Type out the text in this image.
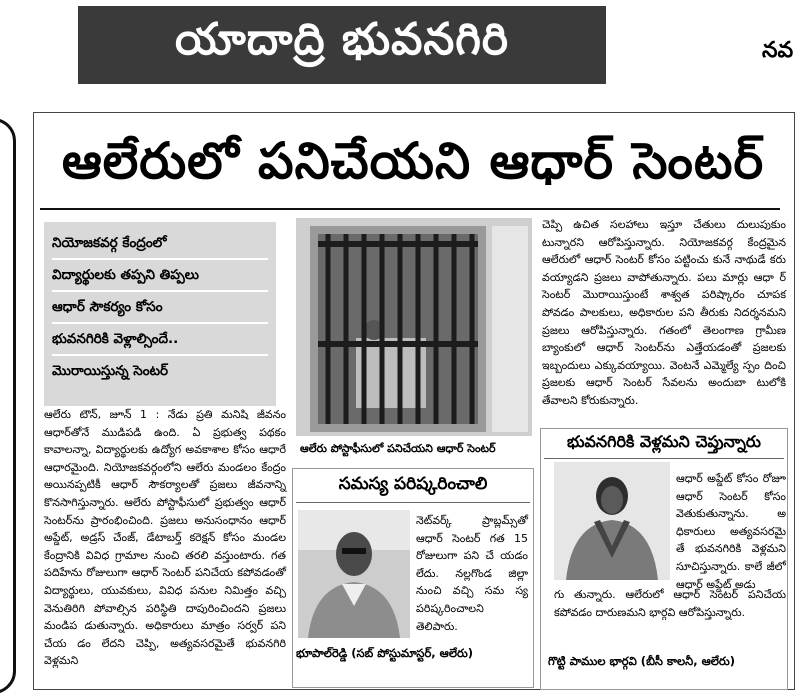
యాదాద్రి భువనగిరి	నవ
ఆలేరులో పనిచేయని ఆధార్‌ సెంటర్‌
నియోజకవర్గ కేంద్రంలో
విద్యార్థులకు తప్పని తిప్పలు
ఆధార్‌ సౌకర్యం కోసం
భువనగిరికి వెళ్లాల్సిందే..
మొరాయిస్తున్న సెంటర్‌
ఆలేరు టౌన్‌, జూన్‌ 1 : నేడు ప్రతి మనిషి జీవనం ఆధార్‌తోనే ముడిపడి ఉంది. ఏ ప్రభుత్వ పథకం కావాలన్నా, విద్యార్థులకు ఉద్యోగ అవకాశాల కోసం ఆధారే ఆధారమైంది. నియోజకవర్గంలోని ఆలేరు మండలం కేంద్రం అయినప్పటికీ ఆధార్‌ సౌకర్యాలతో ప్రజలు జీవనాన్ని కొనసాగిస్తున్నారు. ఆలేరు పోస్టాఫీసులో ప్రభుత్వం ఆధార్‌ సెంటర్‌ను ప్రారంభించింది. ప్రజలు అనుసంధానం ఆధార్‌ అప్డేట్‌, అడ్రస్‌ చేంజ్‌, డేటాబర్త్‌ కరెక్షన్‌ కోసం మండల కేంద్రానికి వివిధ గ్రామాల నుంచి తరలి వస్తుంటారు. గత పదిహేను రోజులుగా ఆధార్‌ సెంటర్‌ పనిచేయ కపోవడంతో విద్యార్థులు, యువకులు, వివిధ పనుల నిమిత్తం వచ్చి వెనుతిరిగి పోవాల్సిన పరిస్థితి దాపురించిందని ప్రజలు మండిప డుతున్నారు. అధికారులు మాత్రం సర్వర్‌ పని చేయ డం లేదని చెప్పి, అత్యవసరమైతే భువనగిరి వెళ్లమని
ఆలేరు పోస్టాఫీసులో పనిచేయని ఆధార్‌ సెంటర్‌
చెప్పి ఉచిత సలహాలు ఇస్తూ చేతులు దులుపుకుం టున్నారని ఆరోపిస్తున్నారు. నియోజకవర్గ కేంద్రమైన ఆలేరులో ఆధార్‌ సెంటర్‌ కోసం పట్టించు కునే నాథుడే కరు వయ్యాడని ప్రజలు వాపోతున్నారు. పలు మార్లు ఆధా ర్‌ సెంటర్‌ మొరాయిస్తుంటే శాశ్వత పరిష్కారం చూపక పోవడం పాలకులు, అధికారుల పని తీరుకు నిదర్శనమని ప్రజలు ఆరోపిస్తున్నారు. గతంలో తెలంగాణ గ్రామీణ బ్యాంకులో ఆధార్‌ సెంటర్‌ను ఎత్తేయడంతో ప్రజలకు ఇబ్బందులు ఎక్కువయ్యాయి. వెంటనే ఎమ్మెల్యే స్పం దించి ప్రజలకు ఆధార్‌ సెంటర్‌ సేవలను అందుబా టులోకి తేవాలని కోరుకున్నారు.
సమస్య పరిష్కరించాలి
నెట్‌వర్క్‌ ప్రాబ్లమ్స్‌తో ఆధార్‌ సెంటర్‌ గత 15 రోజులుగా పని చే యడం లేదు. నల్లగొండ జిల్లా నుంచి వచ్చి సమ స్య పరిష్కరించాలని తెలిపారు.
భూపాల్‌రెడ్డి (సబ్‌ పోస్టుమాస్టర్‌, ఆలేరు)
భువనగిరికి వెళ్లమని చెప్తున్నారు
ఆధార్‌ అప్డేట్‌ కోసం రోజూ ఆధార్‌ సెంటర్‌ కోసం వెతుకుతున్నాను. అ ధికారులు అత్యవసరమై తే భువనగిరికి వెళ్లమని సూచిస్తున్నారు. కాలే జీలో ఆధార్‌ అప్డేట్‌ అడు
గు తున్నారు. ఆలేరులో ఆధార్‌ సెంటర్‌ పనిచేయ కపోవడం దారుణమని భార్గవి ఆరోపిస్తున్నారు.
గొట్టి పాముల భార్గవి (బీసీ కాలనీ, ఆలేరు)
